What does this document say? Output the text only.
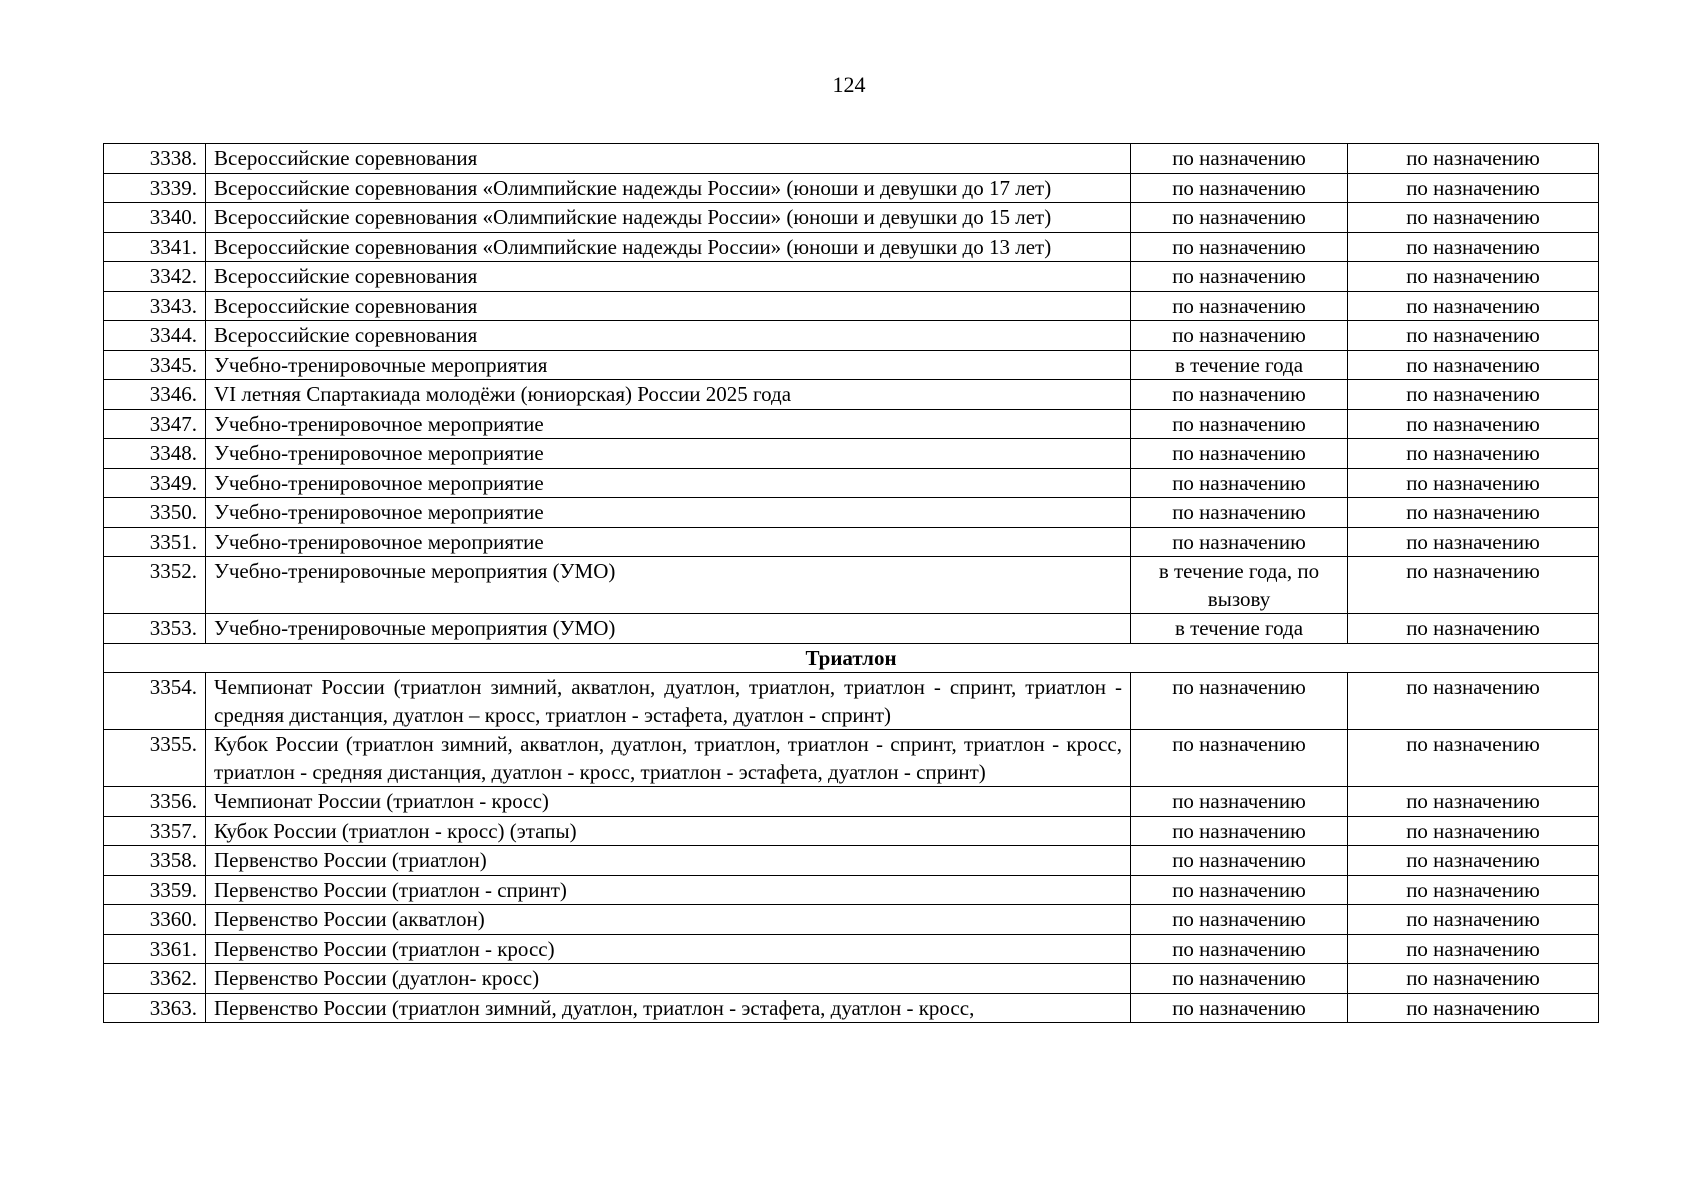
124
3338.	Всероссийские соревнования	по назначению	по назначению
3339.	Всероссийские соревнования «Олимпийские надежды России» (юноши и девушки до 17 лет)	по назначению	по назначению
3340.	Всероссийские соревнования «Олимпийские надежды России» (юноши и девушки до 15 лет)	по назначению	по назначению
3341.	Всероссийские соревнования «Олимпийские надежды России» (юноши и девушки до 13 лет)	по назначению	по назначению
3342.	Всероссийские соревнования	по назначению	по назначению
3343.	Всероссийские соревнования	по назначению	по назначению
3344.	Всероссийские соревнования	по назначению	по назначению
3345.	Учебно-тренировочные мероприятия	в течение года	по назначению
3346.	VI летняя Спартакиада молодёжи (юниорская) России 2025 года	по назначению	по назначению
3347.	Учебно-тренировочное мероприятие	по назначению	по назначению
3348.	Учебно-тренировочное мероприятие	по назначению	по назначению
3349.	Учебно-тренировочное мероприятие	по назначению	по назначению
3350.	Учебно-тренировочное мероприятие	по назначению	по назначению
3351.	Учебно-тренировочное мероприятие	по назначению	по назначению
3352.	Учебно-тренировочные мероприятия (УМО)	в течение года, по вызову	по назначению
3353.	Учебно-тренировочные мероприятия (УМО)	в течение года	по назначению
Триатлон			
3354.	Чемпионат России (триатлон зимний, акватлон, дуатлон, триатлон, триатлон - спринт, триатлон - средняя дистанция, дуатлон – кросс, триатлон - эстафета, дуатлон - спринт)	по назначению	по назначению
3355.	Кубок России (триатлон зимний, акватлон, дуатлон, триатлон, триатлон - спринт, триатлон - кросс, триатлон - средняя дистанция, дуатлон - кросс, триатлон - эстафета, дуатлон - спринт)	по назначению	по назначению
3356.	Чемпионат России (триатлон - кросс)	по назначению	по назначению
3357.	Кубок России (триатлон - кросс) (этапы)	по назначению	по назначению
3358.	Первенство России (триатлон)	по назначению	по назначению
3359.	Первенство России (триатлон - спринт)	по назначению	по назначению
3360.	Первенство России (акватлон)	по назначению	по назначению
3361.	Первенство России (триатлон - кросс)	по назначению	по назначению
3362.	Первенство России (дуатлон- кросс)	по назначению	по назначению
3363.	Первенство России (триатлон зимний, дуатлон, триатлон - эстафета, дуатлон - кросс,	по назначению	по назначению
